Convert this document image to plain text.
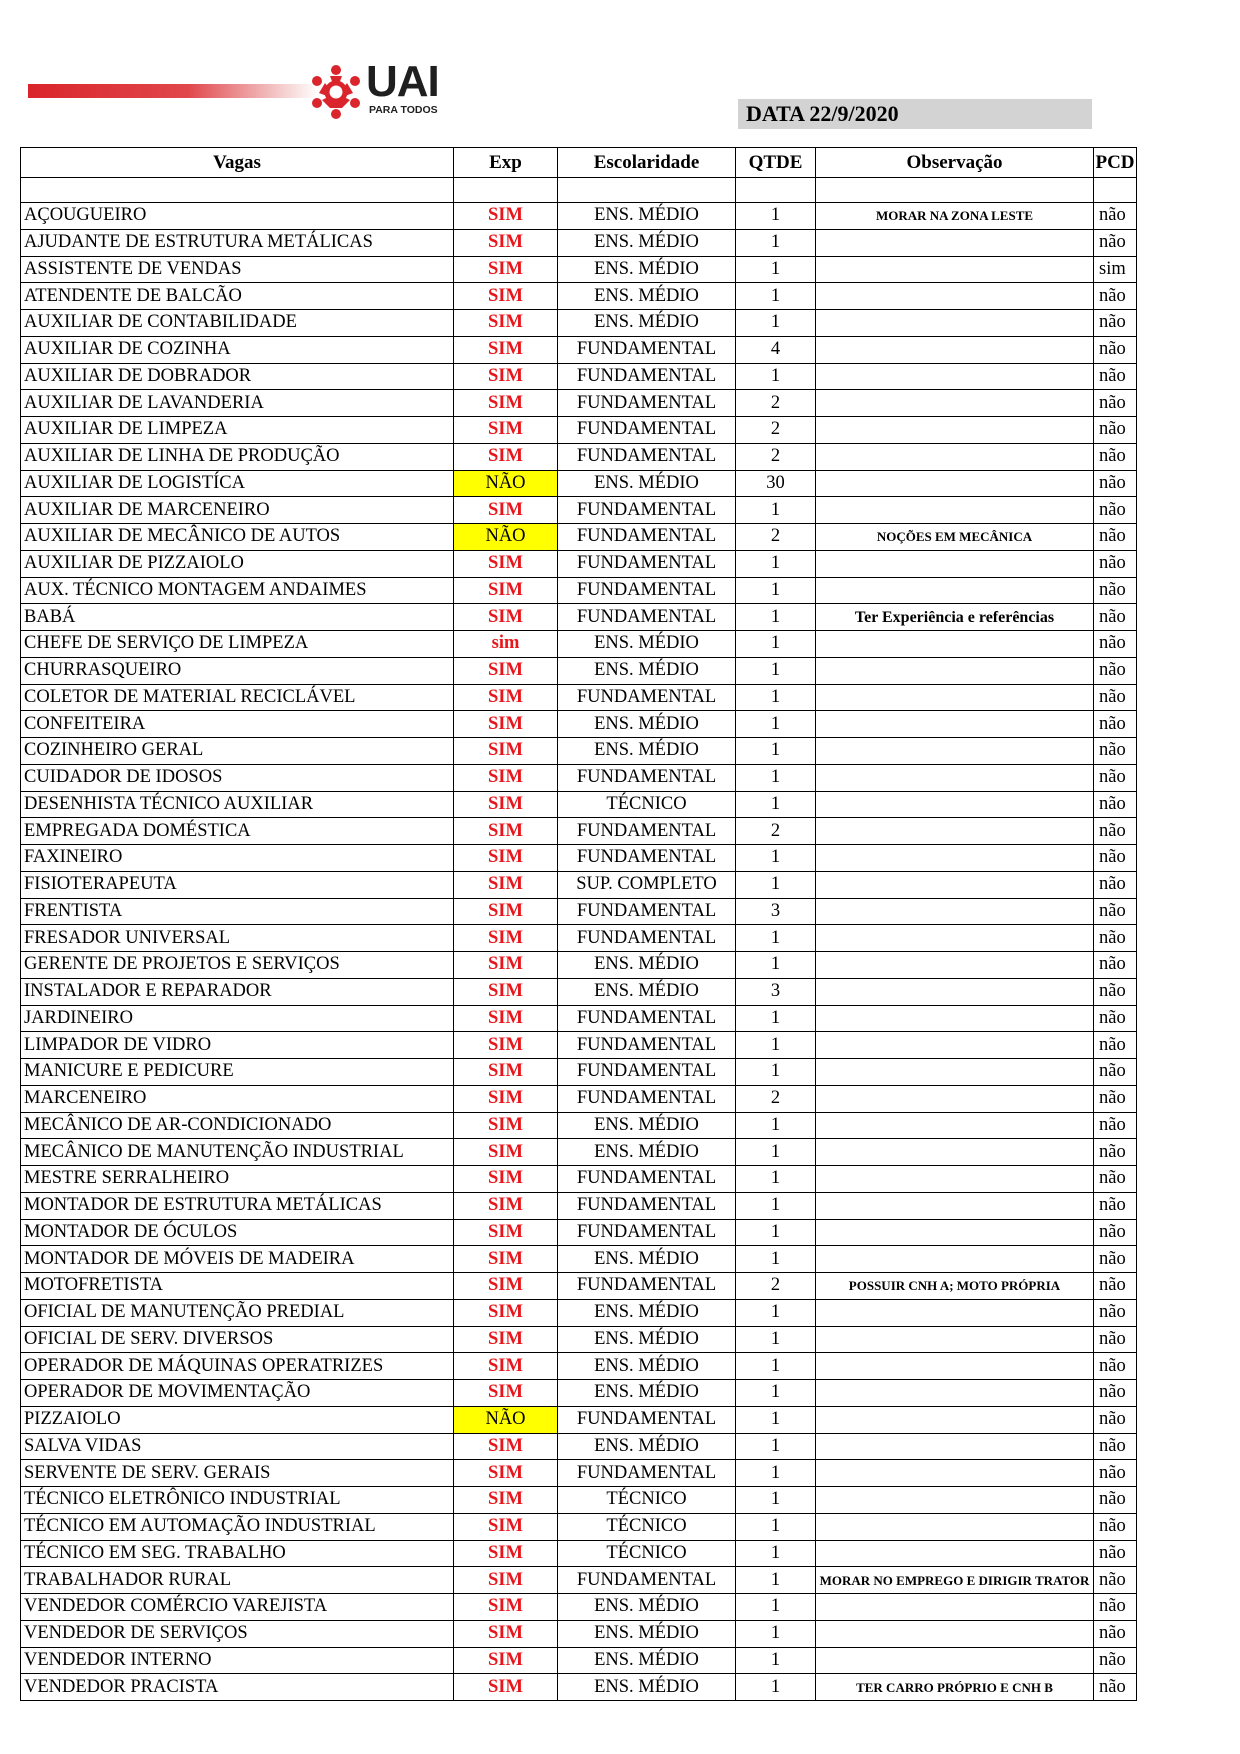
UAI
PARA TODOS	DATA 22/9/2020
Vagas	Exp	Escolaridade	QTDE	Observação	PCD

AÇOUGUEIRO	SIM	ENS. MÉDIO	1	MORAR NA ZONA LESTE	não
AJUDANTE DE ESTRUTURA METÁLICAS	SIM	ENS. MÉDIO	1		não
ASSISTENTE DE VENDAS	SIM	ENS. MÉDIO	1		sim
ATENDENTE DE BALCÃO	SIM	ENS. MÉDIO	1		não
AUXILIAR DE CONTABILIDADE	SIM	ENS. MÉDIO	1		não
AUXILIAR DE COZINHA	SIM	FUNDAMENTAL	4		não
AUXILIAR DE DOBRADOR	SIM	FUNDAMENTAL	1		não
AUXILIAR DE LAVANDERIA	SIM	FUNDAMENTAL	2		não
AUXILIAR DE LIMPEZA	SIM	FUNDAMENTAL	2		não
AUXILIAR DE LINHA DE PRODUÇÃO	SIM	FUNDAMENTAL	2		não
AUXILIAR DE LOGISTÍCA	NÃO	ENS. MÉDIO	30		não
AUXILIAR DE MARCENEIRO	SIM	FUNDAMENTAL	1		não
AUXILIAR DE MECÂNICO DE AUTOS	NÃO	FUNDAMENTAL	2	NOÇÕES EM MECÂNICA	não
AUXILIAR DE PIZZAIOLO	SIM	FUNDAMENTAL	1		não
AUX. TÉCNICO MONTAGEM ANDAIMES	SIM	FUNDAMENTAL	1		não
BABÁ	SIM	FUNDAMENTAL	1	Ter Experiência e referências	não
CHEFE DE SERVIÇO DE LIMPEZA	sim	ENS. MÉDIO	1		não
CHURRASQUEIRO	SIM	ENS. MÉDIO	1		não
COLETOR DE MATERIAL RECICLÁVEL	SIM	FUNDAMENTAL	1		não
CONFEITEIRA	SIM	ENS. MÉDIO	1		não
COZINHEIRO GERAL	SIM	ENS. MÉDIO	1		não
CUIDADOR DE IDOSOS	SIM	FUNDAMENTAL	1		não
DESENHISTA TÉCNICO AUXILIAR	SIM	TÉCNICO	1		não
EMPREGADA DOMÉSTICA	SIM	FUNDAMENTAL	2		não
FAXINEIRO	SIM	FUNDAMENTAL	1		não
FISIOTERAPEUTA	SIM	SUP. COMPLETO	1		não
FRENTISTA	SIM	FUNDAMENTAL	3		não
FRESADOR UNIVERSAL	SIM	FUNDAMENTAL	1		não
GERENTE DE PROJETOS E SERVIÇOS	SIM	ENS. MÉDIO	1		não
INSTALADOR E REPARADOR	SIM	ENS. MÉDIO	3		não
JARDINEIRO	SIM	FUNDAMENTAL	1		não
LIMPADOR DE VIDRO	SIM	FUNDAMENTAL	1		não
MANICURE E PEDICURE	SIM	FUNDAMENTAL	1		não
MARCENEIRO	SIM	FUNDAMENTAL	2		não
MECÂNICO DE AR-CONDICIONADO	SIM	ENS. MÉDIO	1		não
MECÂNICO DE MANUTENÇÃO INDUSTRIAL	SIM	ENS. MÉDIO	1		não
MESTRE SERRALHEIRO	SIM	FUNDAMENTAL	1		não
MONTADOR DE ESTRUTURA METÁLICAS	SIM	FUNDAMENTAL	1		não
MONTADOR DE ÓCULOS	SIM	FUNDAMENTAL	1		não
MONTADOR DE MÓVEIS DE MADEIRA	SIM	ENS. MÉDIO	1		não
MOTOFRETISTA	SIM	FUNDAMENTAL	2	POSSUIR CNH A; MOTO PRÓPRIA	não
OFICIAL DE MANUTENÇÃO PREDIAL	SIM	ENS. MÉDIO	1		não
OFICIAL DE SERV. DIVERSOS	SIM	ENS. MÉDIO	1		não
OPERADOR DE MÁQUINAS OPERATRIZES	SIM	ENS. MÉDIO	1		não
OPERADOR DE MOVIMENTAÇÃO	SIM	ENS. MÉDIO	1		não
PIZZAIOLO	NÃO	FUNDAMENTAL	1		não
SALVA VIDAS	SIM	ENS. MÉDIO	1		não
SERVENTE DE SERV. GERAIS	SIM	FUNDAMENTAL	1		não
TÉCNICO ELETRÔNICO INDUSTRIAL	SIM	TÉCNICO	1		não
TÉCNICO EM AUTOMAÇÃO INDUSTRIAL	SIM	TÉCNICO	1		não
TÉCNICO EM SEG. TRABALHO	SIM	TÉCNICO	1		não
TRABALHADOR RURAL	SIM	FUNDAMENTAL	1	MORAR NO EMPREGO E DIRIGIR TRATOR	não
VENDEDOR COMÉRCIO VAREJISTA	SIM	ENS. MÉDIO	1		não
VENDEDOR DE SERVIÇOS	SIM	ENS. MÉDIO	1		não
VENDEDOR INTERNO	SIM	ENS. MÉDIO	1		não
VENDEDOR PRACISTA	SIM	ENS. MÉDIO	1	TER CARRO PRÓPRIO E CNH B	não
